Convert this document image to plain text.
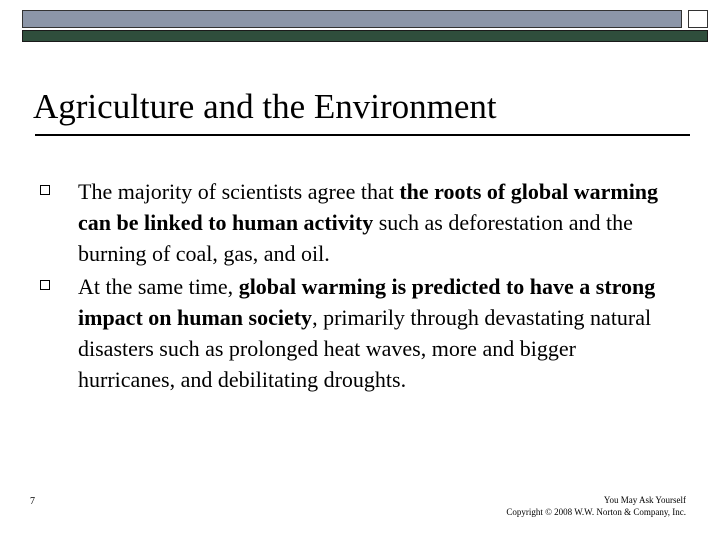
Agriculture and the Environment
The majority of scientists agree that the roots of global warming can be linked to human activity such as deforestation and the burning of coal, gas, and oil.
At the same time, global warming is predicted to have a strong impact on human society, primarily through devastating natural disasters such as prolonged heat waves, more and bigger hurricanes, and debilitating droughts.
7	You May Ask Yourself
Copyright © 2008 W.W. Norton & Company, Inc.
